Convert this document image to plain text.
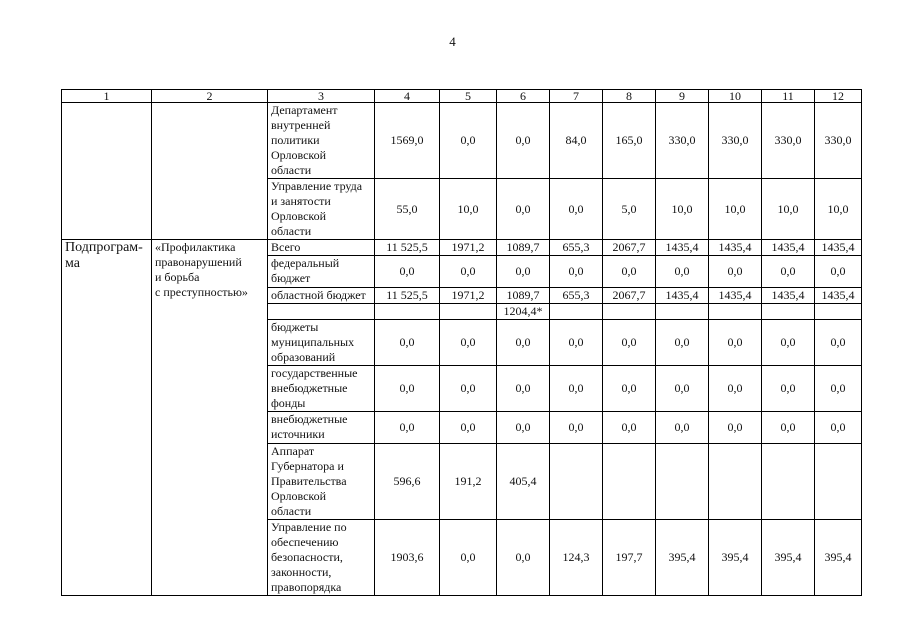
4
1	2	3	4	5	6	7	8	9	10	11	12
		Департамент
внутренней
политики
Орловской
области	1569,0	0,0	0,0	84,0	165,0	330,0	330,0	330,0	330,0
		Управление труда
и занятости
Орловской
области	55,0	10,0	0,0	0,0	5,0	10,0	10,0	10,0	10,0
Подпрограм-
ма	«Профилактика
правонарушений
и борьба
с преступностью»	Всего	11 525,5	1971,2	1089,7	655,3	2067,7	1435,4	1435,4	1435,4	1435,4
		федеральный
бюджет	0,0	0,0	0,0	0,0	0,0	0,0	0,0	0,0	0,0
		областной бюджет	11 525,5	1971,2	1089,7	655,3	2067,7	1435,4	1435,4	1435,4	1435,4
					1204,4*						
		бюджеты
муниципальных
образований	0,0	0,0	0,0	0,0	0,0	0,0	0,0	0,0	0,0
		государственные
внебюджетные
фонды	0,0	0,0	0,0	0,0	0,0	0,0	0,0	0,0	0,0
		внебюджетные
источники	0,0	0,0	0,0	0,0	0,0	0,0	0,0	0,0	0,0
		Аппарат
Губернатора и
Правительства
Орловской
области	596,6	191,2	405,4						
		Управление по
обеспечению
безопасности,
законности,
правопорядка	1903,6	0,0	0,0	124,3	197,7	395,4	395,4	395,4	395,4
